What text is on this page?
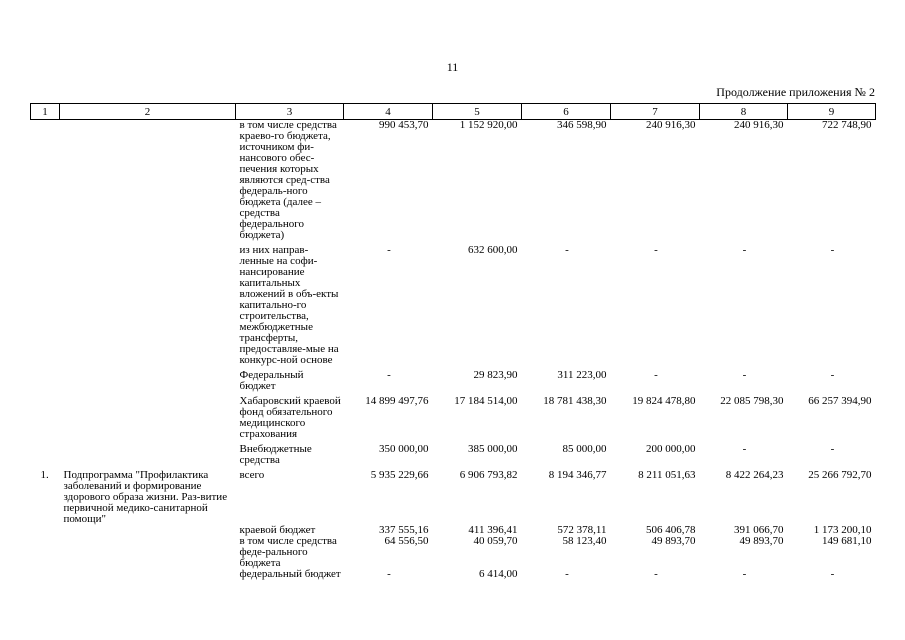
11
Продолжение приложения № 2
1	2	3	4	5	6	7	8	9
		в том числе средства краево-го бюджета, источником фи-нансового обес-печения которых являются сред-ства федераль-ного бюджета (далее – средства федерального бюджета)	990 453,70	1 152 920,00	346 598,90	240 916,30	240 916,30	722 748,90
		из них направ-ленные на софи-нансирование капитальных вложений в объ-екты капитально-го строительства, межбюджетные трансферты, предоставляе-мые на конкурс-ной основе	-	632 600,00	-	-	-	-
		Федеральный бюджет	-	29 823,90	311 223,00	-	-	-
		Хабаровский краевой фонд обязательного медицинского страхования	14 899 497,76	17 184 514,00	18 781 438,30	19 824 478,80	22 085 798,30	66 257 394,90
		Внебюджетные средства	350 000,00	385 000,00	85 000,00	200 000,00	-	-
1.	Подпрограмма "Профилактика заболеваний и формирование здорового образа жизни. Раз-витие первичной медико-санитарной помощи"	всего	5 935 229,66	6 906 793,82	8 194 346,77	8 211 051,63	8 422 264,23	25 266 792,70
		краевой бюджет	337 555,16	411 396,41	572 378,11	506 406,78	391 066,70	1 173 200,10
		в том числе средства феде-рального бюджета	64 556,50	40 059,70	58 123,40	49 893,70	49 893,70	149 681,10
		федеральный бюджет	-	6 414,00	-	-	-	-
